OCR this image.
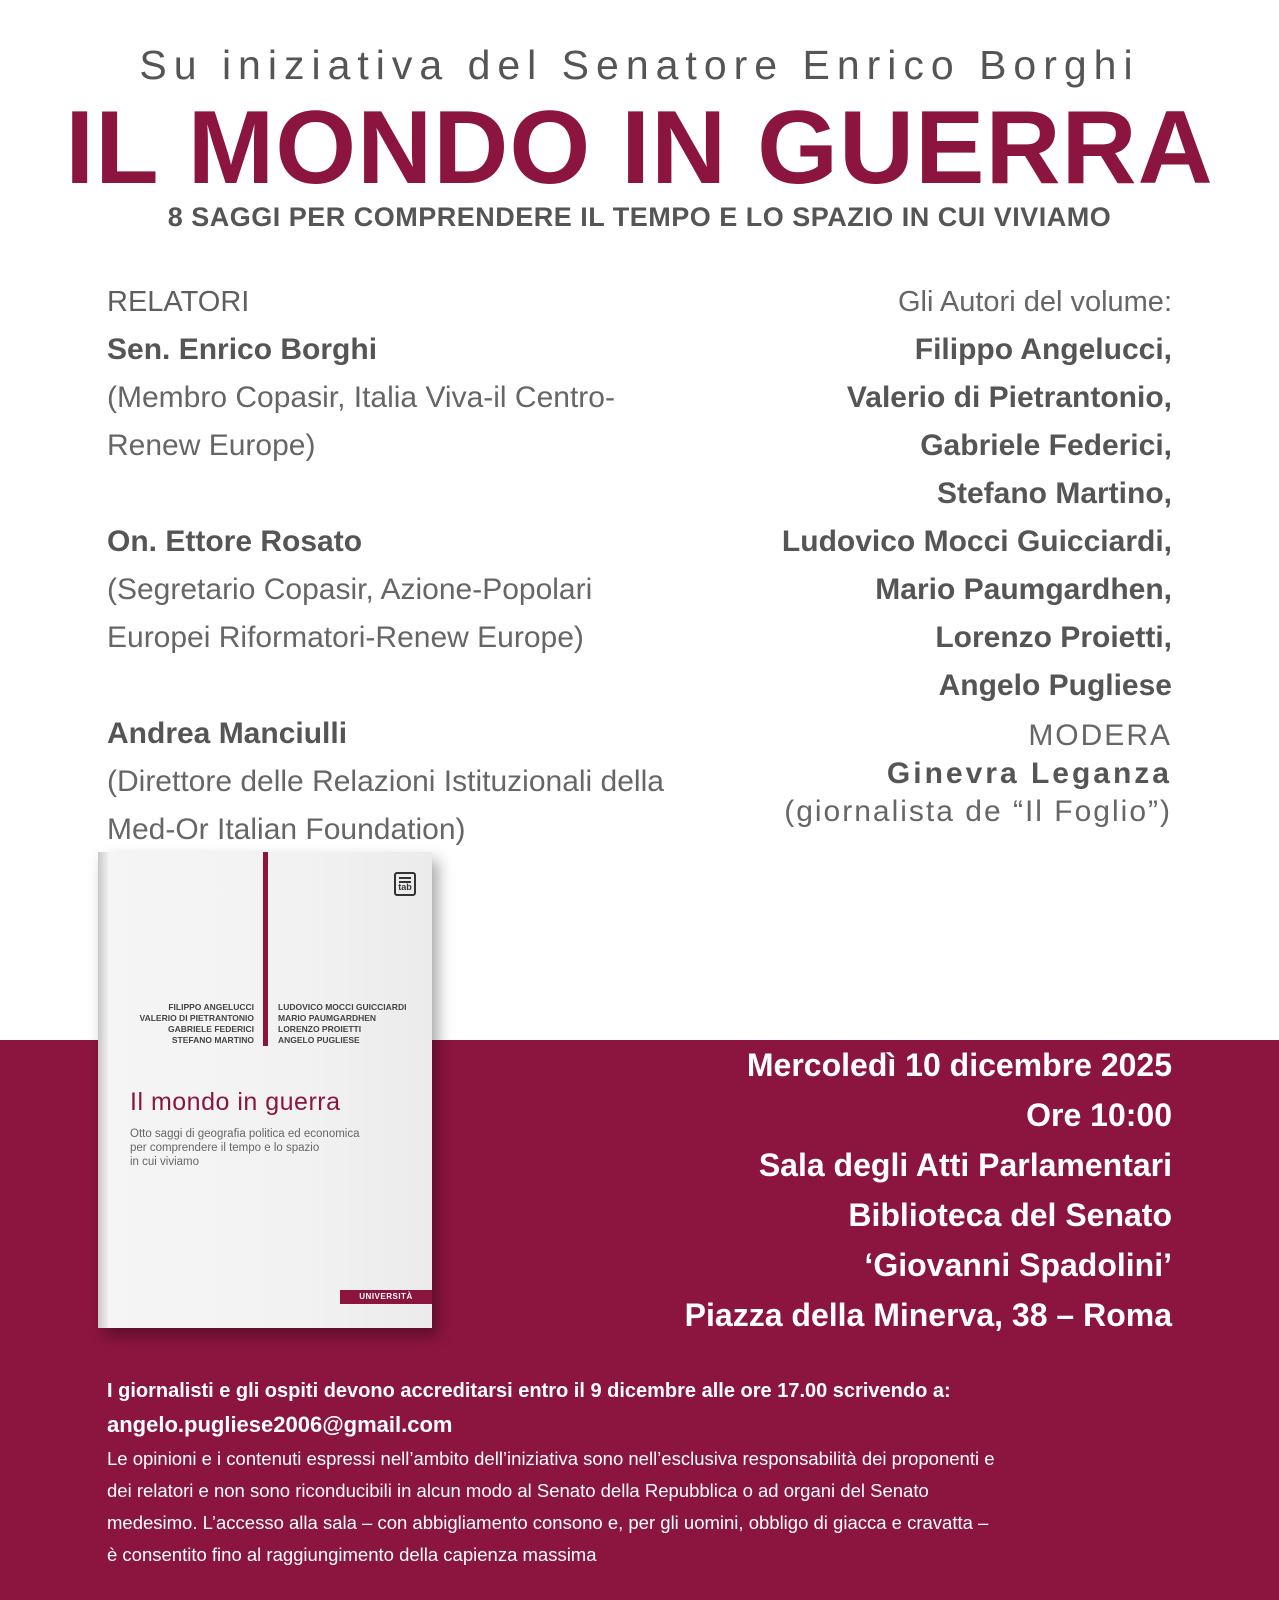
Su iniziativa del Senatore Enrico Borghi
IL MONDO IN GUERRA
8 SAGGI PER COMPRENDERE IL TEMPO E LO SPAZIO IN CUI VIVIAMO
RELATORI
Sen. Enrico Borghi
(Membro Copasir, Italia Viva-il Centro-
Renew Europe)
On. Ettore Rosato
(Segretario Copasir, Azione-Popolari
Europei Riformatori-Renew Europe)
Andrea Manciulli
(Direttore delle Relazioni Istituzionali della
Med-Or Italian Foundation)
Gli Autori del volume:
Filippo Angelucci,
Valerio di Pietrantonio,
Gabriele Federici,
Stefano Martino,
Ludovico Mocci Guicciardi,
Mario Paumgardhen,
Lorenzo Proietti,
Angelo Pugliese
MODERA
Ginevra Leganza
(giornalista de “Il Foglio”)
tab
FILIPPO ANGELUCCI
VALERIO DI PIETRANTONIO
GABRIELE FEDERICI
STEFANO MARTINO
LUDOVICO MOCCI GUICCIARDI
MARIO PAUMGARDHEN
LORENZO PROIETTI
ANGELO PUGLIESE
Il mondo in guerra
Otto saggi di geografia politica ed economica
per comprendere il tempo e lo spazio
in cui viviamo
UNIVERSITÀ
Mercoledì 10 dicembre 2025
Ore 10:00
Sala degli Atti Parlamentari
Biblioteca del Senato
‘Giovanni Spadolini’
Piazza della Minerva, 38 – Roma
I giornalisti e gli ospiti devono accreditarsi entro il 9 dicembre alle ore 17.00 scrivendo a:
angelo.pugliese2006@gmail.com
Le opinioni e i contenuti espressi nell’ambito dell’iniziativa sono nell’esclusiva responsabilità dei proponenti e
dei relatori e non sono riconducibili in alcun modo al Senato della Repubblica o ad organi del Senato
medesimo. L’accesso alla sala – con abbigliamento consono e, per gli uomini, obbligo di giacca e cravatta –
è consentito fino al raggiungimento della capienza massima
